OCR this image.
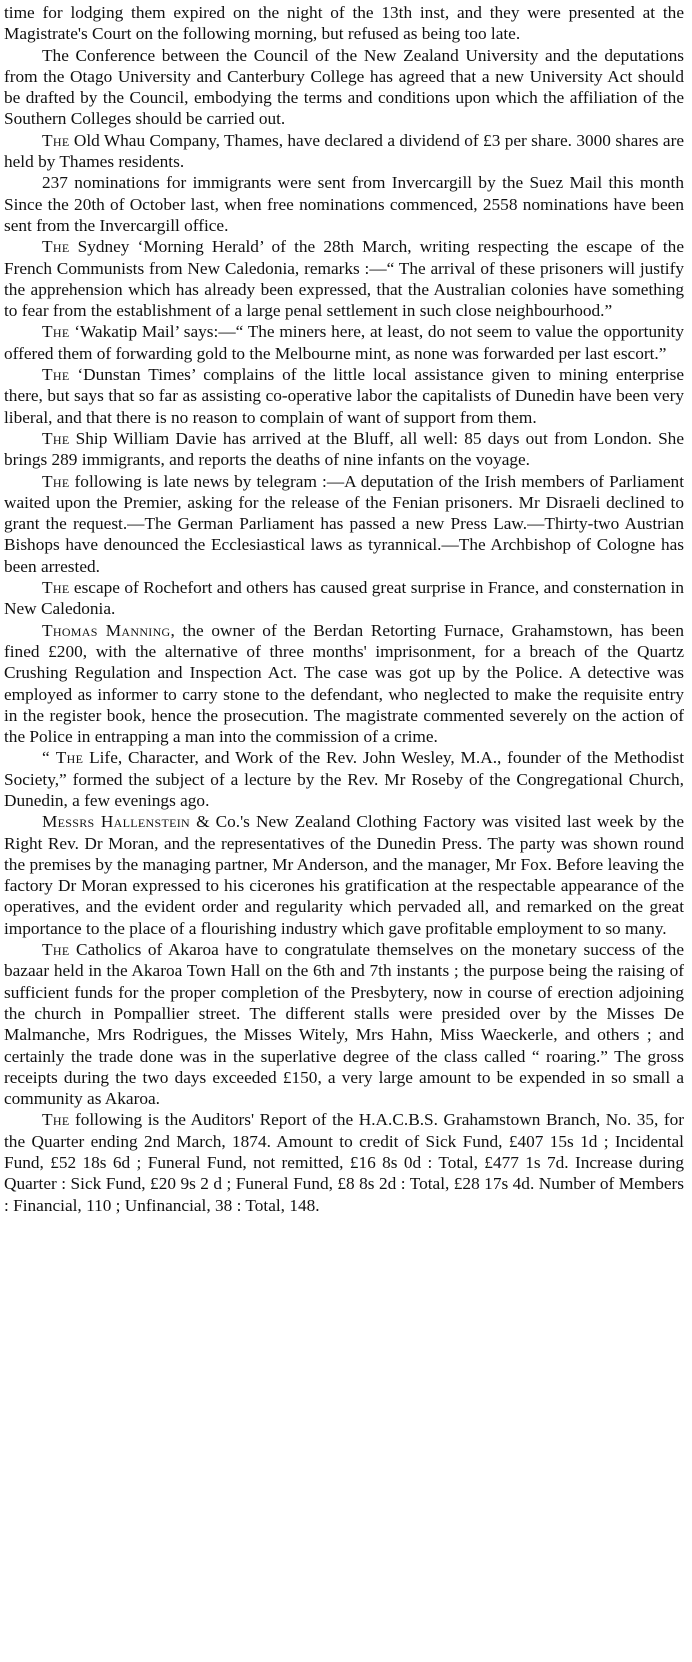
time for lodging them expired on the night of the 13th inst, and they were presented at the Magistrate's Court on the following morning, but refused as being too late.

The Conference between the Council of the New Zealand University and the deputations from the Otago University and Canterbury College has agreed that a new University Act should be drafted by the Council, embodying the terms and conditions upon which the affiliation of the Southern Colleges should be carried out.

The Old Whau Company, Thames, have declared a dividend of £3 per share. 3000 shares are held by Thames residents.

237 nominations for immigrants were sent from Invercargill by the Suez Mail this month Since the 20th of October last, when free nominations commenced, 2558 nominations have been sent from the Invercargill office.

The Sydney ‘Morning Herald’ of the 28th March, writing respecting the escape of the French Communists from New Caledonia, remarks :—“ The arrival of these prisoners will justify the apprehension which has already been expressed, that the Australian colonies have something to fear from the establishment of a large penal settlement in such close neighbourhood.”

The ‘Wakatip Mail’ says:—“ The miners here, at least, do not seem to value the opportunity offered them of forwarding gold to the Melbourne mint, as none was forwarded per last escort.”

The ‘Dunstan Times’ complains of the little local assistance given to mining enterprise there, but says that so far as assisting co-operative labor the capitalists of Dunedin have been very liberal, and that there is no reason to complain of want of support from them.

The Ship William Davie has arrived at the Bluff, all well: 85 days out from London. She brings 289 immigrants, and reports the deaths of nine infants on the voyage.

The following is late news by telegram :—A deputation of the Irish members of Parliament waited upon the Premier, asking for the release of the Fenian prisoners. Mr Disraeli declined to grant the request.—The German Parliament has passed a new Press Law.—Thirty-two Austrian Bishops have denounced the Ecclesiastical laws as tyrannical.—The Archbishop of Cologne has been arrested.

The escape of Rochefort and others has caused great surprise in France, and consternation in New Caledonia.

Thomas Manning, the owner of the Berdan Retorting Furnace, Grahamstown, has been fined £200, with the alternative of three months' imprisonment, for a breach of the Quartz Crushing Regulation and Inspection Act. The case was got up by the Police. A detective was employed as informer to carry stone to the defendant, who neglected to make the requisite entry in the register book, hence the prosecution. The magistrate commented severely on the action of the Police in entrapping a man into the commission of a crime.

“ The Life, Character, and Work of the Rev. John Wesley, M.A., founder of the Methodist Society,” formed the subject of a lecture by the Rev. Mr Roseby of the Congregational Church, Dunedin, a few evenings ago.

Messrs Hallenstein & Co.'s New Zealand Clothing Factory was visited last week by the Right Rev. Dr Moran, and the representatives of the Dunedin Press. The party was shown round the premises by the managing partner, Mr Anderson, and the manager, Mr Fox. Before leaving the factory Dr Moran expressed to his cicerones his gratification at the respectable appearance of the operatives, and the evident order and regularity which pervaded all, and remarked on the great importance to the place of a flourishing industry which gave profitable employment to so many.

The Catholics of Akaroa have to congratulate themselves on the monetary success of the bazaar held in the Akaroa Town Hall on the 6th and 7th instants ; the purpose being the raising of sufficient funds for the proper completion of the Presbytery, now in course of erection adjoining the church in Pompallier street. The different stalls were presided over by the Misses De Malmanche, Mrs Rodrigues, the Misses Witely, Mrs Hahn, Miss Waeckerle, and others ; and certainly the trade done was in the superlative degree of the class called “ roaring.” The gross receipts during the two days exceeded £150, a very large amount to be expended in so small a community as Akaroa.

The following is the Auditors' Report of the H.A.C.B.S. Grahamstown Branch, No. 35, for the Quarter ending 2nd March, 1874. Amount to credit of Sick Fund, £407 15s 1d ; Incidental Fund, £52 18s 6d ; Funeral Fund, not remitted, £16 8s 0d : Total, £477 1s 7d. Increase during Quarter : Sick Fund, £20 9s 2 d ; Funeral Fund, £8 8s 2d : Total, £28 17s 4d. Number of Members : Financial, 110 ; Unfinancial, 38 : Total, 148.
